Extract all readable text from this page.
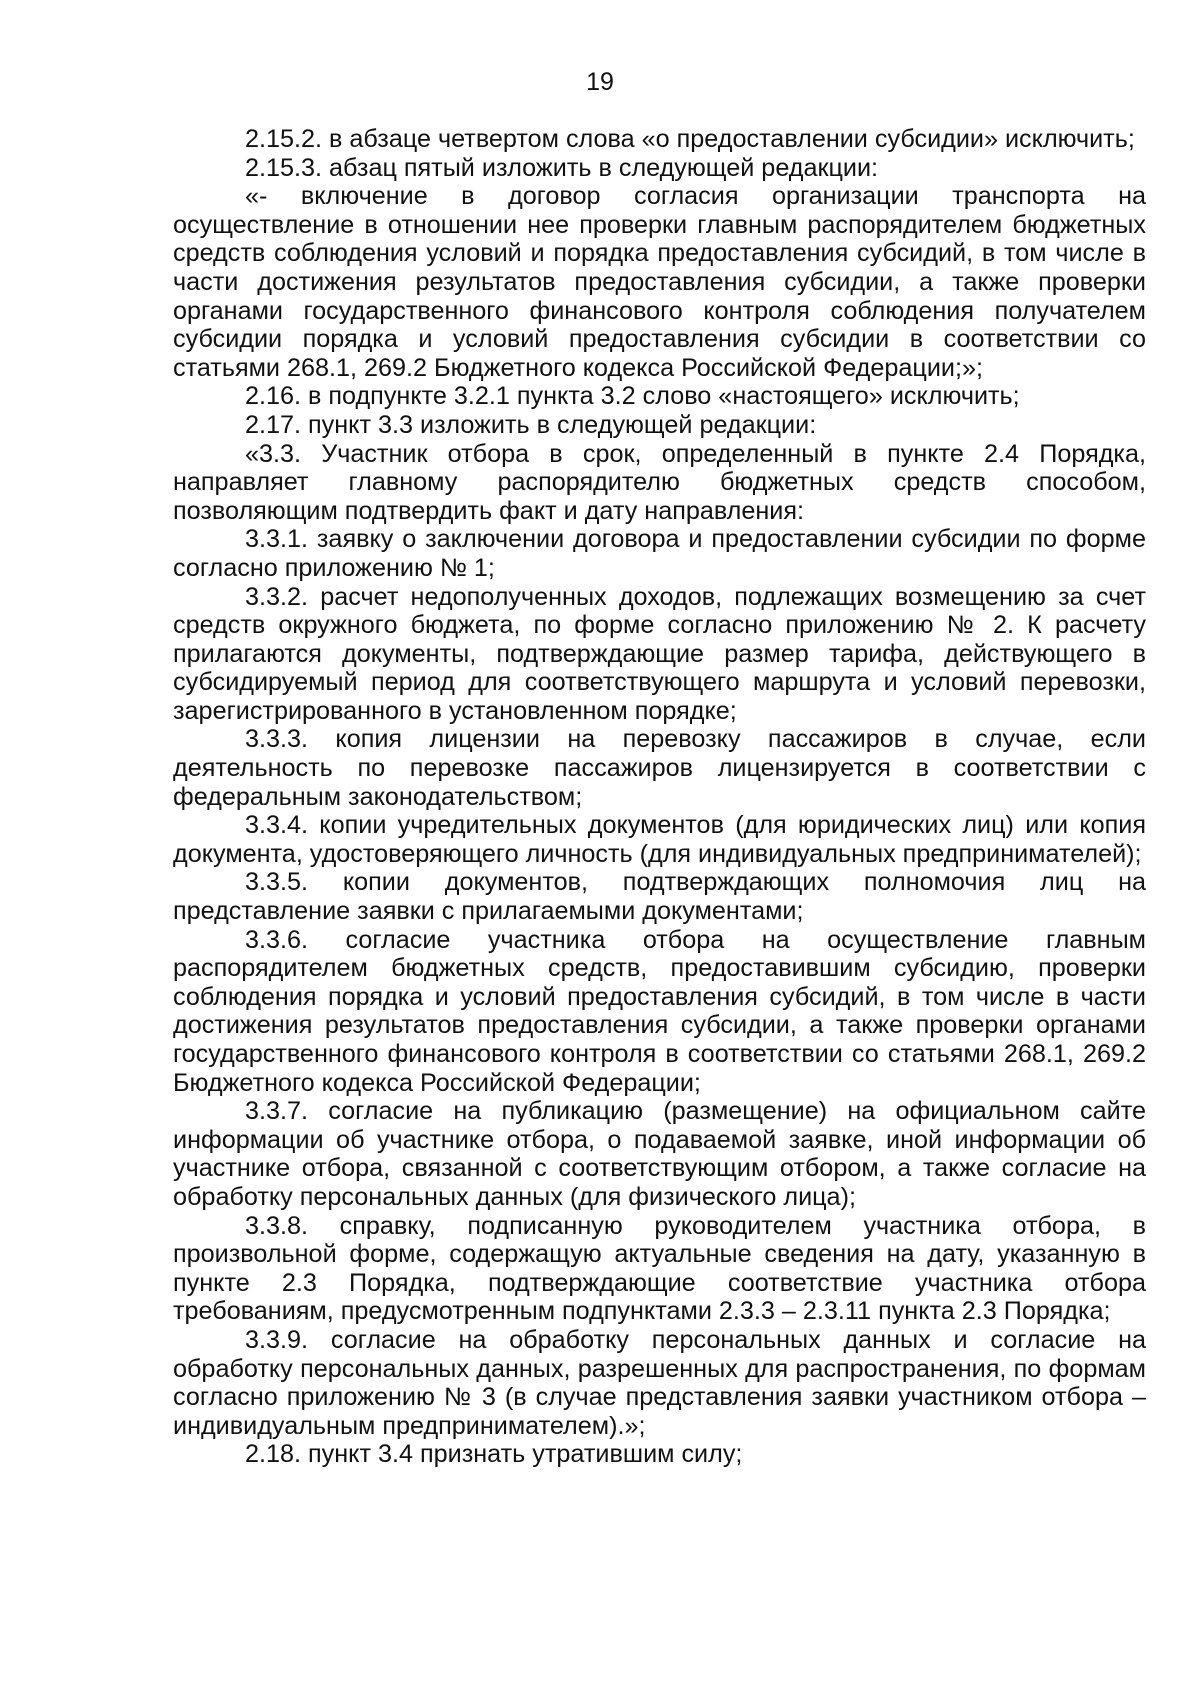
19

2.15.2. в абзаце четвертом слова «о предоставлении субсидии» исключить;

2.15.3. абзац пятый изложить в следующей редакции:

«- включение в договор согласия организации транспорта на осуществление в отношении нее проверки главным распорядителем бюджетных средств соблюдения условий и порядка предоставления субсидий, в том числе в части достижения результатов предоставления субсидии, а также проверки органами государственного финансового контроля соблюдения получателем субсидии порядка и условий предоставления субсидии в соответствии со статьями 268.1, 269.2 Бюджетного кодекса Российской Федерации;»;

2.16. в подпункте 3.2.1 пункта 3.2 слово «настоящего» исключить;

2.17. пункт 3.3 изложить в следующей редакции:

«3.3. Участник отбора в срок, определенный в пункте 2.4 Порядка, направляет главному распорядителю бюджетных средств способом, позволяющим подтвердить факт и дату направления:

3.3.1. заявку о заключении договора и предоставлении субсидии по форме согласно приложению № 1;

3.3.2. расчет недополученных доходов, подлежащих возмещению за счет средств окружного бюджета, по форме согласно приложению № 2. К расчету прилагаются документы, подтверждающие размер тарифа, действующего в субсидируемый период для соответствующего маршрута и условий перевозки, зарегистрированного в установленном порядке;

3.3.3. копия лицензии на перевозку пассажиров в случае, если деятельность по перевозке пассажиров лицензируется в соответствии с федеральным законодательством;

3.3.4. копии учредительных документов (для юридических лиц) или копия документа, удостоверяющего личность (для индивидуальных предпринимателей);

3.3.5. копии документов, подтверждающих полномочия лиц на представление заявки с прилагаемыми документами;

3.3.6. согласие участника отбора на осуществление главным распорядителем бюджетных средств, предоставившим субсидию, проверки соблюдения порядка и условий предоставления субсидий, в том числе в части достижения результатов предоставления субсидии, а также проверки органами государственного финансового контроля в соответствии со статьями 268.1, 269.2 Бюджетного кодекса Российской Федерации;

3.3.7. согласие на публикацию (размещение) на официальном сайте информации об участнике отбора, о подаваемой заявке, иной информации об участнике отбора, связанной с соответствующим отбором, а также согласие на обработку персональных данных (для физического лица);

3.3.8. справку, подписанную руководителем участника отбора, в произвольной форме, содержащую актуальные сведения на дату, указанную в пункте 2.3 Порядка, подтверждающие соответствие участника отбора требованиям, предусмотренным подпунктами 2.3.3 – 2.3.11 пункта 2.3 Порядка;

3.3.9. согласие на обработку персональных данных и согласие на обработку персональных данных, разрешенных для распространения, по формам согласно приложению № 3 (в случае представления заявки участником отбора – индивидуальным предпринимателем).»;

2.18. пункт 3.4 признать утратившим силу;
